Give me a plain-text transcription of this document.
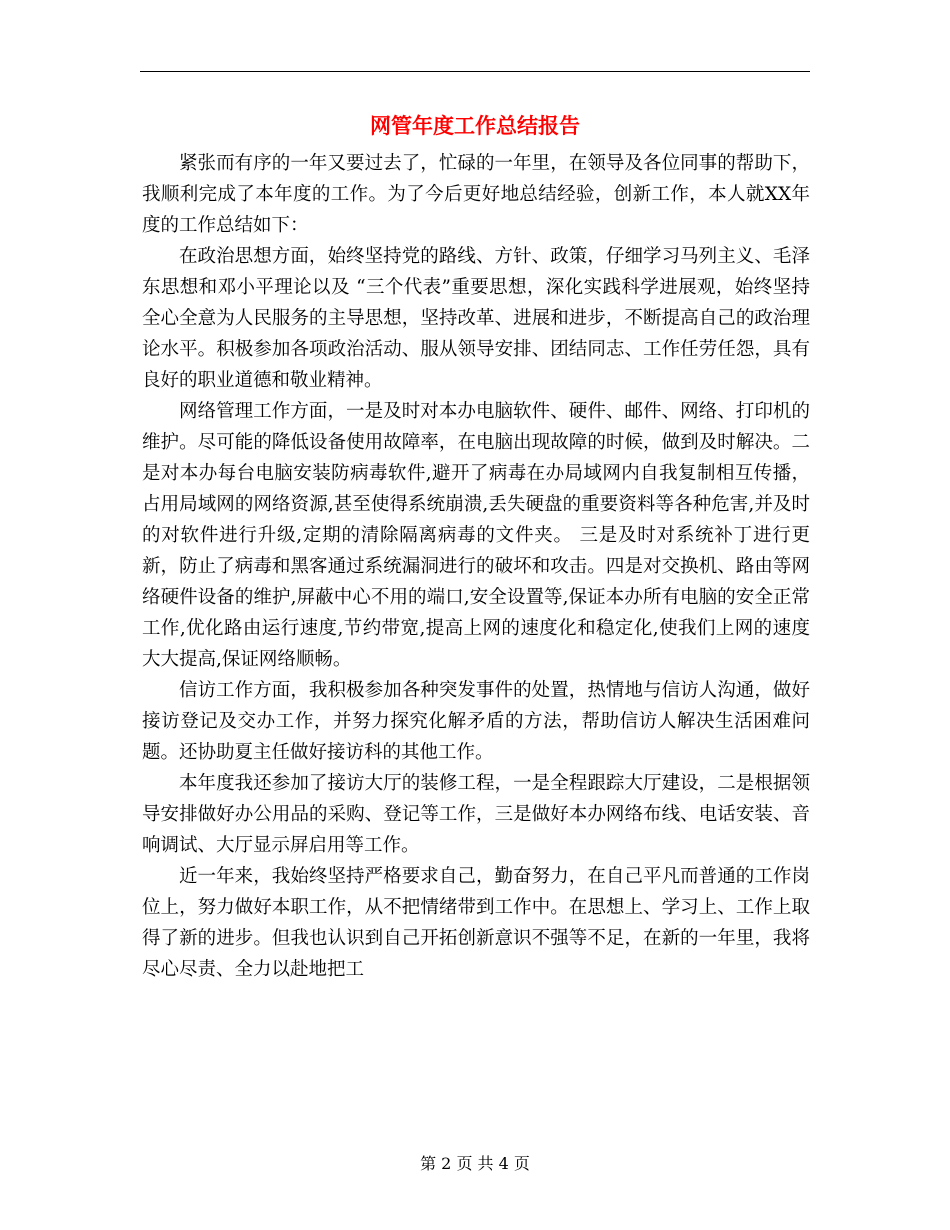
网管年度工作总结报告

紧张而有序的一年又要过去了，忙碌的一年里，在领导及各位同事的帮助下，我顺利完成了本年度的工作。为了今后更好地总结经验，创新工作，本人就XX年度的工作总结如下：

在政治思想方面，始终坚持党的路线、方针、政策，仔细学习马列主义、毛泽东思想和邓小平理论以及 “三个代表”重要思想，深化实践科学进展观，始终坚持全心全意为人民服务的主导思想，坚持改革、进展和进步，不断提高自己的政治理论水平。积极参加各项政治活动、服从领导安排、团结同志、工作任劳任怨，具有良好的职业道德和敬业精神。

网络管理工作方面，一是及时对本办电脑软件、硬件、邮件、网络、打印机的维护。尽可能的降低设备使用故障率，在电脑出现故障的时候，做到及时解决。二是对本办每台电脑安装防病毒软件,避开了病毒在办局域网内自我复制相互传播，占用局域网的网络资源,甚至使得系统崩溃,丢失硬盘的重要资料等各种危害,并及时的对软件进行升级,定期的清除隔离病毒的文件夹。 三是及时对系统补丁进行更新，防止了病毒和黑客通过系统漏洞进行的破坏和攻击。四是对交换机、路由等网络硬件设备的维护,屏蔽中心不用的端口,安全设置等,保证本办所有电脑的安全正常工作,优化路由运行速度,节约带宽,提高上网的速度化和稳定化,使我们上网的速度大大提高,保证网络顺畅。

信访工作方面，我积极参加各种突发事件的处置，热情地与信访人沟通，做好接访登记及交办工作，并努力探究化解矛盾的方法，帮助信访人解决生活困难问题。还协助夏主任做好接访科的其他工作。

本年度我还参加了接访大厅的装修工程，一是全程跟踪大厅建设，二是根据领导安排做好办公用品的采购、登记等工作，三是做好本办网络布线、电话安装、音响调试、大厅显示屏启用等工作。

近一年来，我始终坚持严格要求自己，勤奋努力，在自己平凡而普通的工作岗位上，努力做好本职工作，从不把情绪带到工作中。在思想上、学习上、工作上取得了新的进步。但我也认识到自己开拓创新意识不强等不足，在新的一年里，我将尽心尽责、全力以赴地把工

第 2 页 共 4 页
